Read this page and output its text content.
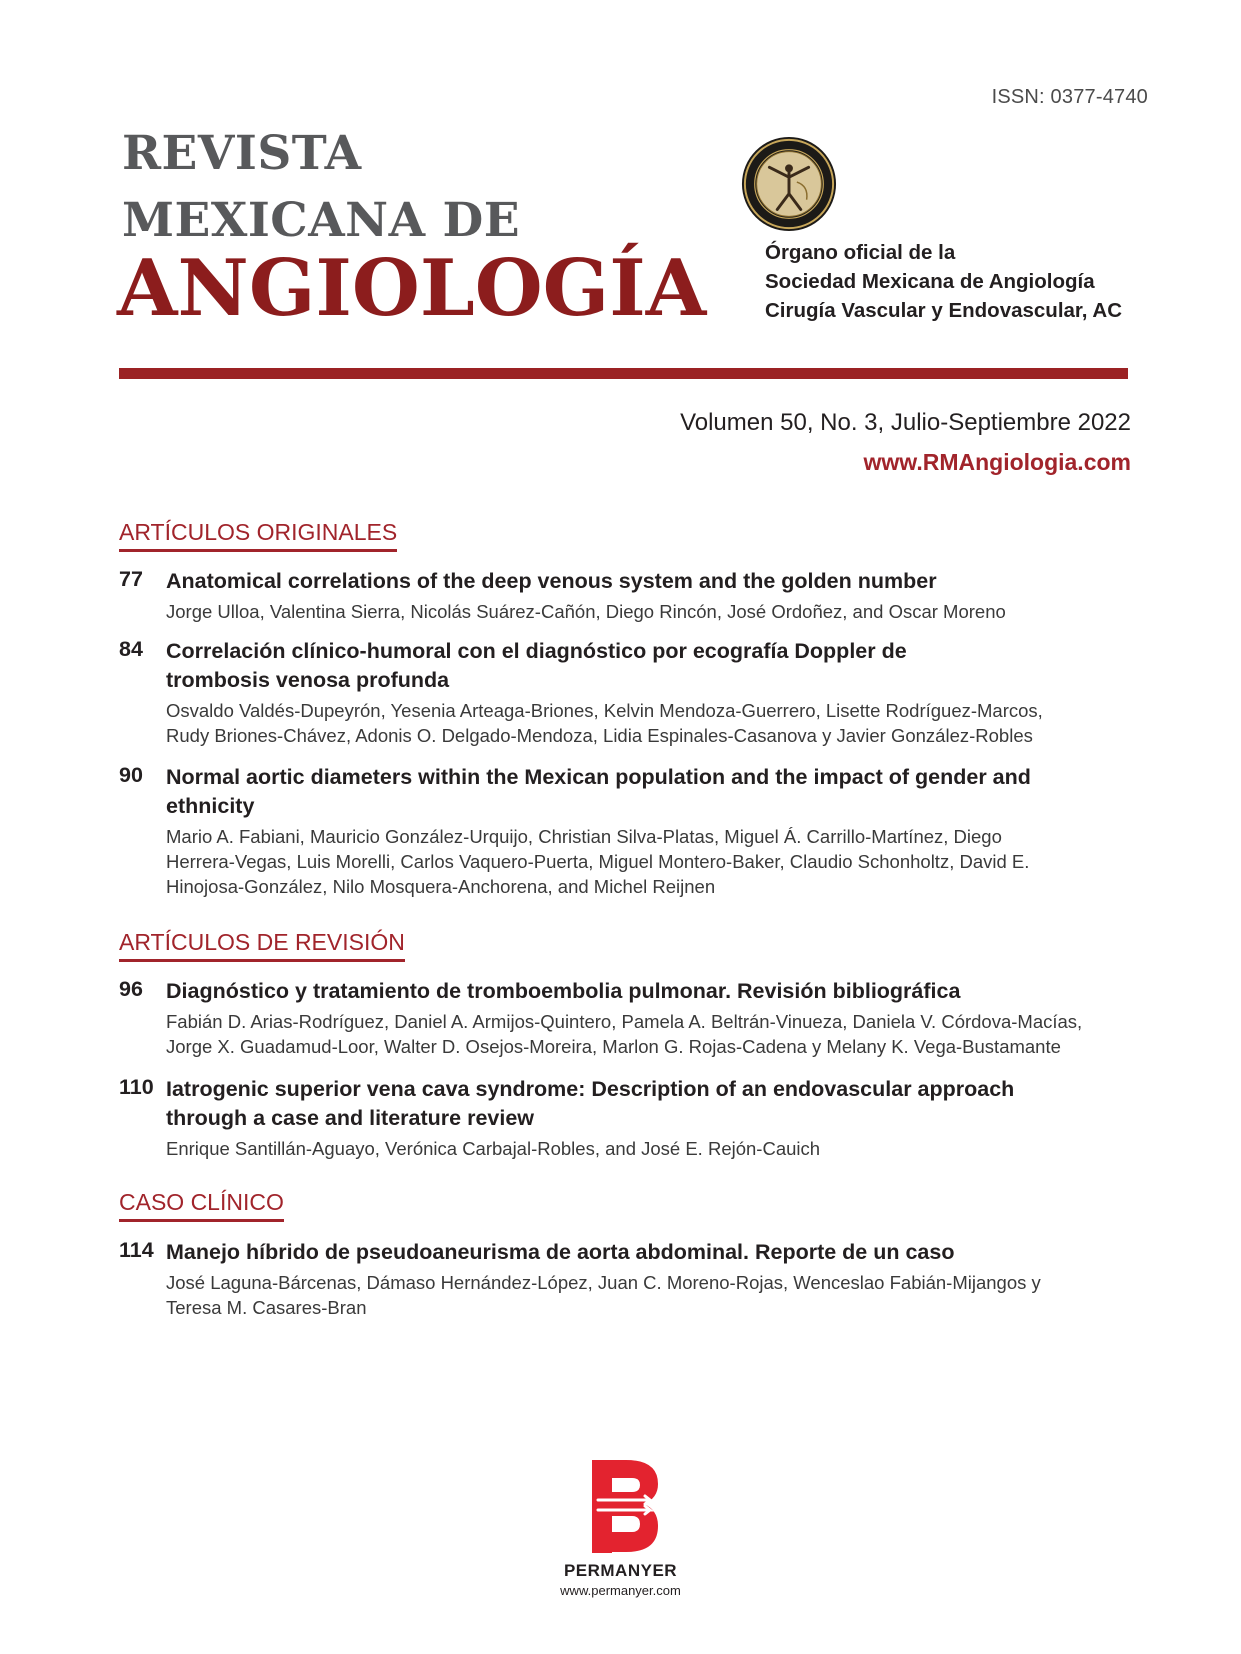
ISSN: 0377-4740
REVISTA
MEXICANA DE
ANGIOLOGÍA	Órgano oficial de la
Sociedad Mexicana de Angiología
Cirugía Vascular y Endovascular, AC
Volumen 50, No. 3, Julio-Septiembre 2022
www.RMAngiologia.com
ARTÍCULOS ORIGINALES
77 Anatomical correlations of the deep venous system and the golden number
Jorge Ulloa, Valentina Sierra, Nicolás Suárez-Cañón, Diego Rincón, José Ordoñez, and Oscar Moreno
84 Correlación clínico-humoral con el diagnóstico por ecografía Doppler de trombosis venosa profunda
Osvaldo Valdés-Dupeyrón, Yesenia Arteaga-Briones, Kelvin Mendoza-Guerrero, Lisette Rodríguez-Marcos, Rudy Briones-Chávez, Adonis O. Delgado-Mendoza, Lidia Espinales-Casanova y Javier González-Robles
90 Normal aortic diameters within the Mexican population and the impact of gender and ethnicity
Mario A. Fabiani, Mauricio González-Urquijo, Christian Silva-Platas, Miguel Á. Carrillo-Martínez, Diego Herrera-Vegas, Luis Morelli, Carlos Vaquero-Puerta, Miguel Montero-Baker, Claudio Schonholtz, David E. Hinojosa-González, Nilo Mosquera-Anchorena, and Michel Reijnen
ARTÍCULOS DE REVISIÓN
96 Diagnóstico y tratamiento de tromboembolia pulmonar. Revisión bibliográfica
Fabián D. Arias-Rodríguez, Daniel A. Armijos-Quintero, Pamela A. Beltrán-Vinueza, Daniela V. Córdova-Macías, Jorge X. Guadamud-Loor, Walter D. Osejos-Moreira, Marlon G. Rojas-Cadena y Melany K. Vega-Bustamante
110 Iatrogenic superior vena cava syndrome: Description of an endovascular approach through a case and literature review
Enrique Santillán-Aguayo, Verónica Carbajal-Robles, and José E. Rejón-Cauich
CASO CLÍNICO
114 Manejo híbrido de pseudoaneurisma de aorta abdominal. Reporte de un caso
José Laguna-Bárcenas, Dámaso Hernández-López, Juan C. Moreno-Rojas, Wenceslao Fabián-Mijangos y Teresa M. Casares-Bran
PERMANYER
www.permanyer.com
